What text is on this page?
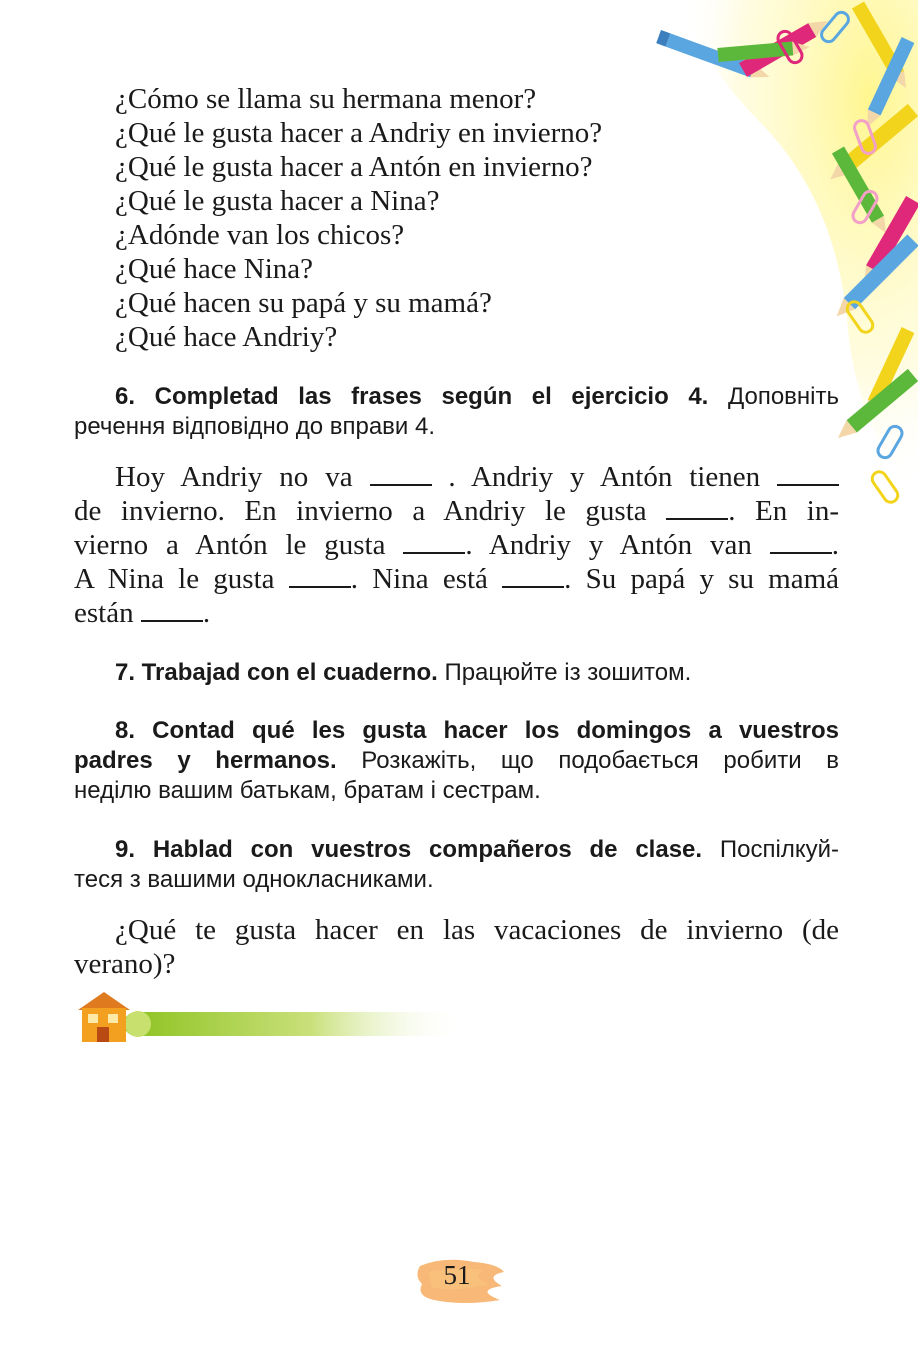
¿Cómo se llama su hermana menor?
¿Qué le gusta hacer a Andriy en invierno?
¿Qué le gusta hacer a Antón en invierno?
¿Qué le gusta hacer a Nina?
¿Adónde van los chicos?
¿Qué hace Nina?
¿Qué hacen su papá y su mamá?
¿Qué hace Andriy?
6. Completad las frases según el ejercicio 4. Доповніть
речення відповідно до вправи 4.
Hoy Andriy no va	. Andriy y Antón tienen
de invierno. En invierno a Andriy le gusta	. En in-
vierno a Antón le gusta	. Andriy y Antón van	.
A Nina le gusta	. Nina está	. Su papá y su mamá
están .
7. Trabajad con el cuaderno. Працюйте із зошитом.
8. Contad qué les gusta hacer los domingos a vuestros
padres y hermanos. Розкажіть, що подобається робити в
неділю вашим батькам, братам і сестрам.
9. Hablad con vuestros compañeros de clase. Поспілкуй-
теся з вашими однокласниками.
¿Qué te gusta hacer en las vacaciones de invierno (de
verano)?
51
